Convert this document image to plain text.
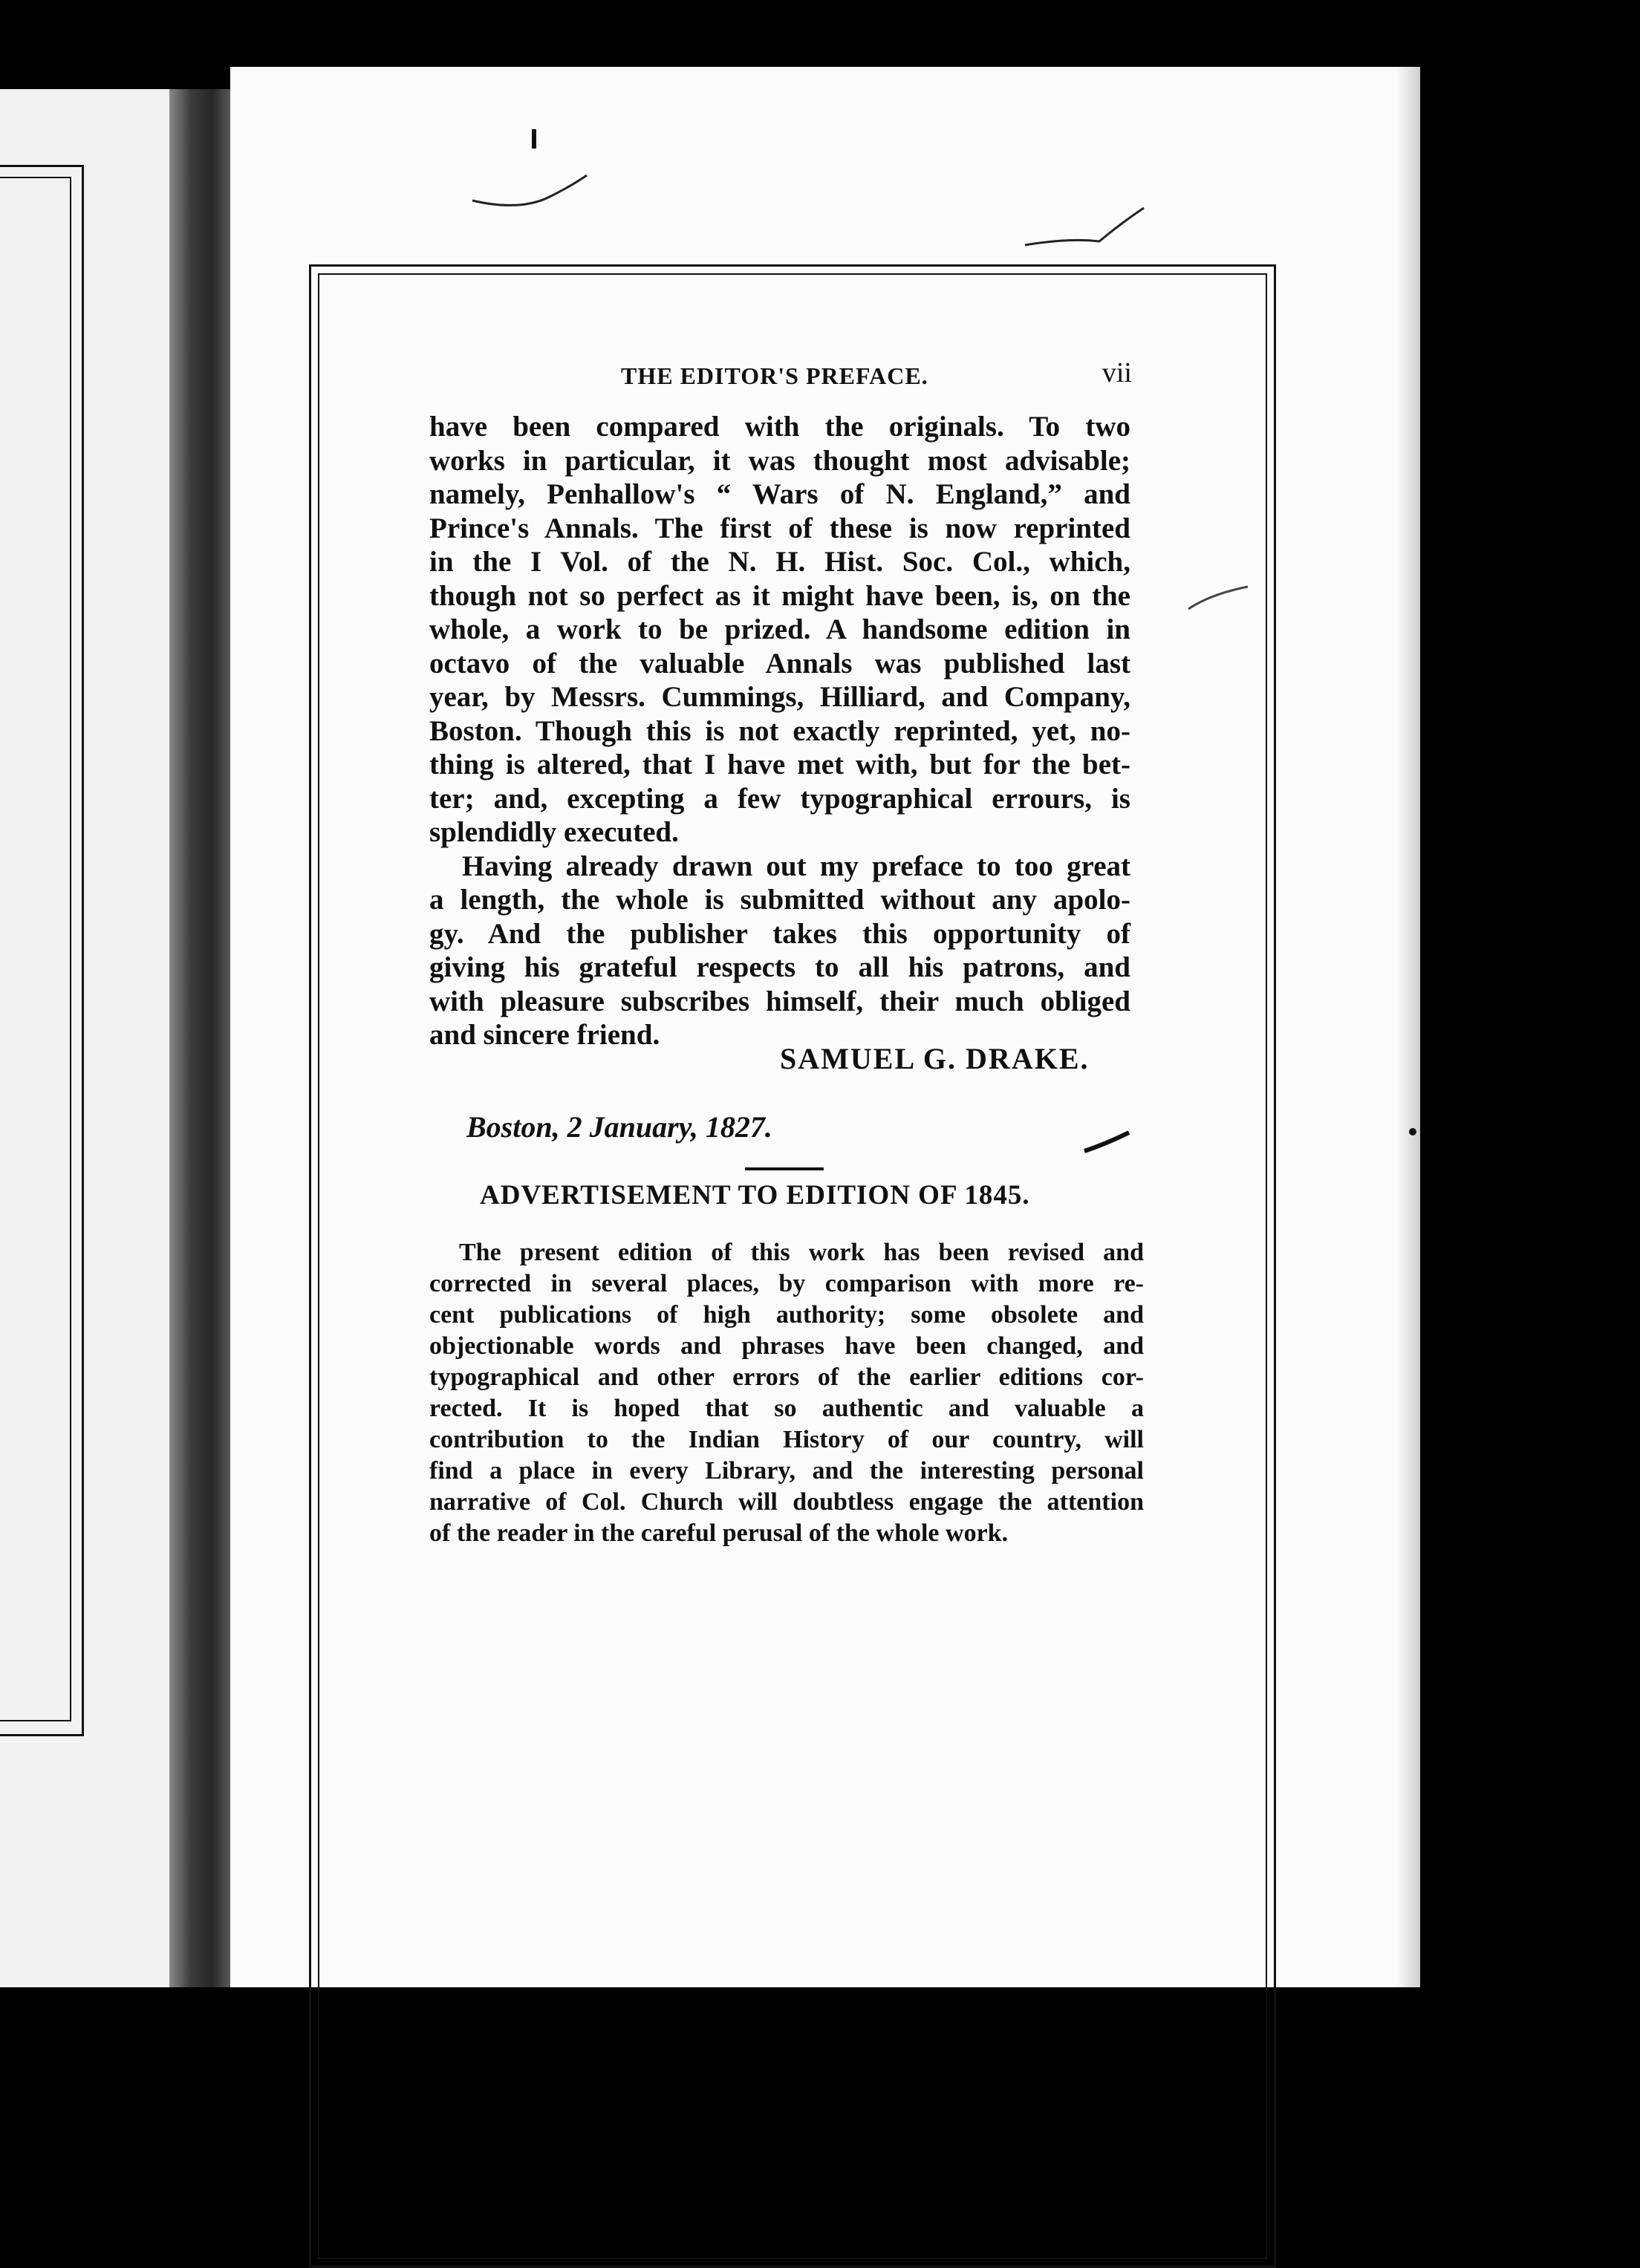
THE EDITOR'S PREFACE.	vii
have been compared with the originals. To two
works in particular, it was thought most advisable;
namely, Penhallow's “ Wars of N. England,” and
Prince's Annals. The first of these is now reprinted
in the I Vol. of the N. H. Hist. Soc. Col., which,
though not so perfect as it might have been, is, on the
whole, a work to be prized. A handsome edition in
octavo of the valuable Annals was published last
year, by Messrs. Cummings, Hilliard, and Company,
Boston. Though this is not exactly reprinted, yet, no-
thing is altered, that I have met with, but for the bet-
ter; and, excepting a few typographical errours, is
splendidly executed.
Having already drawn out my preface to too great
a length, the whole is submitted without any apolo-
gy. And the publisher takes this opportunity of
giving his grateful respects to all his patrons, and
with pleasure subscribes himself, their much obliged
and sincere friend.
SAMUEL G. DRAKE.
Boston, 2 January, 1827.
ADVERTISEMENT TO EDITION OF 1845.
The present edition of this work has been revised and
corrected in several places, by comparison with more re-
cent publications of high authority; some obsolete and
objectionable words and phrases have been changed, and
typographical and other errors of the earlier editions cor-
rected. It is hoped that so authentic and valuable a
contribution to the Indian History of our country, will
find a place in every Library, and the interesting personal
narrative of Col. Church will doubtless engage the attention
of the reader in the careful perusal of the whole work.
